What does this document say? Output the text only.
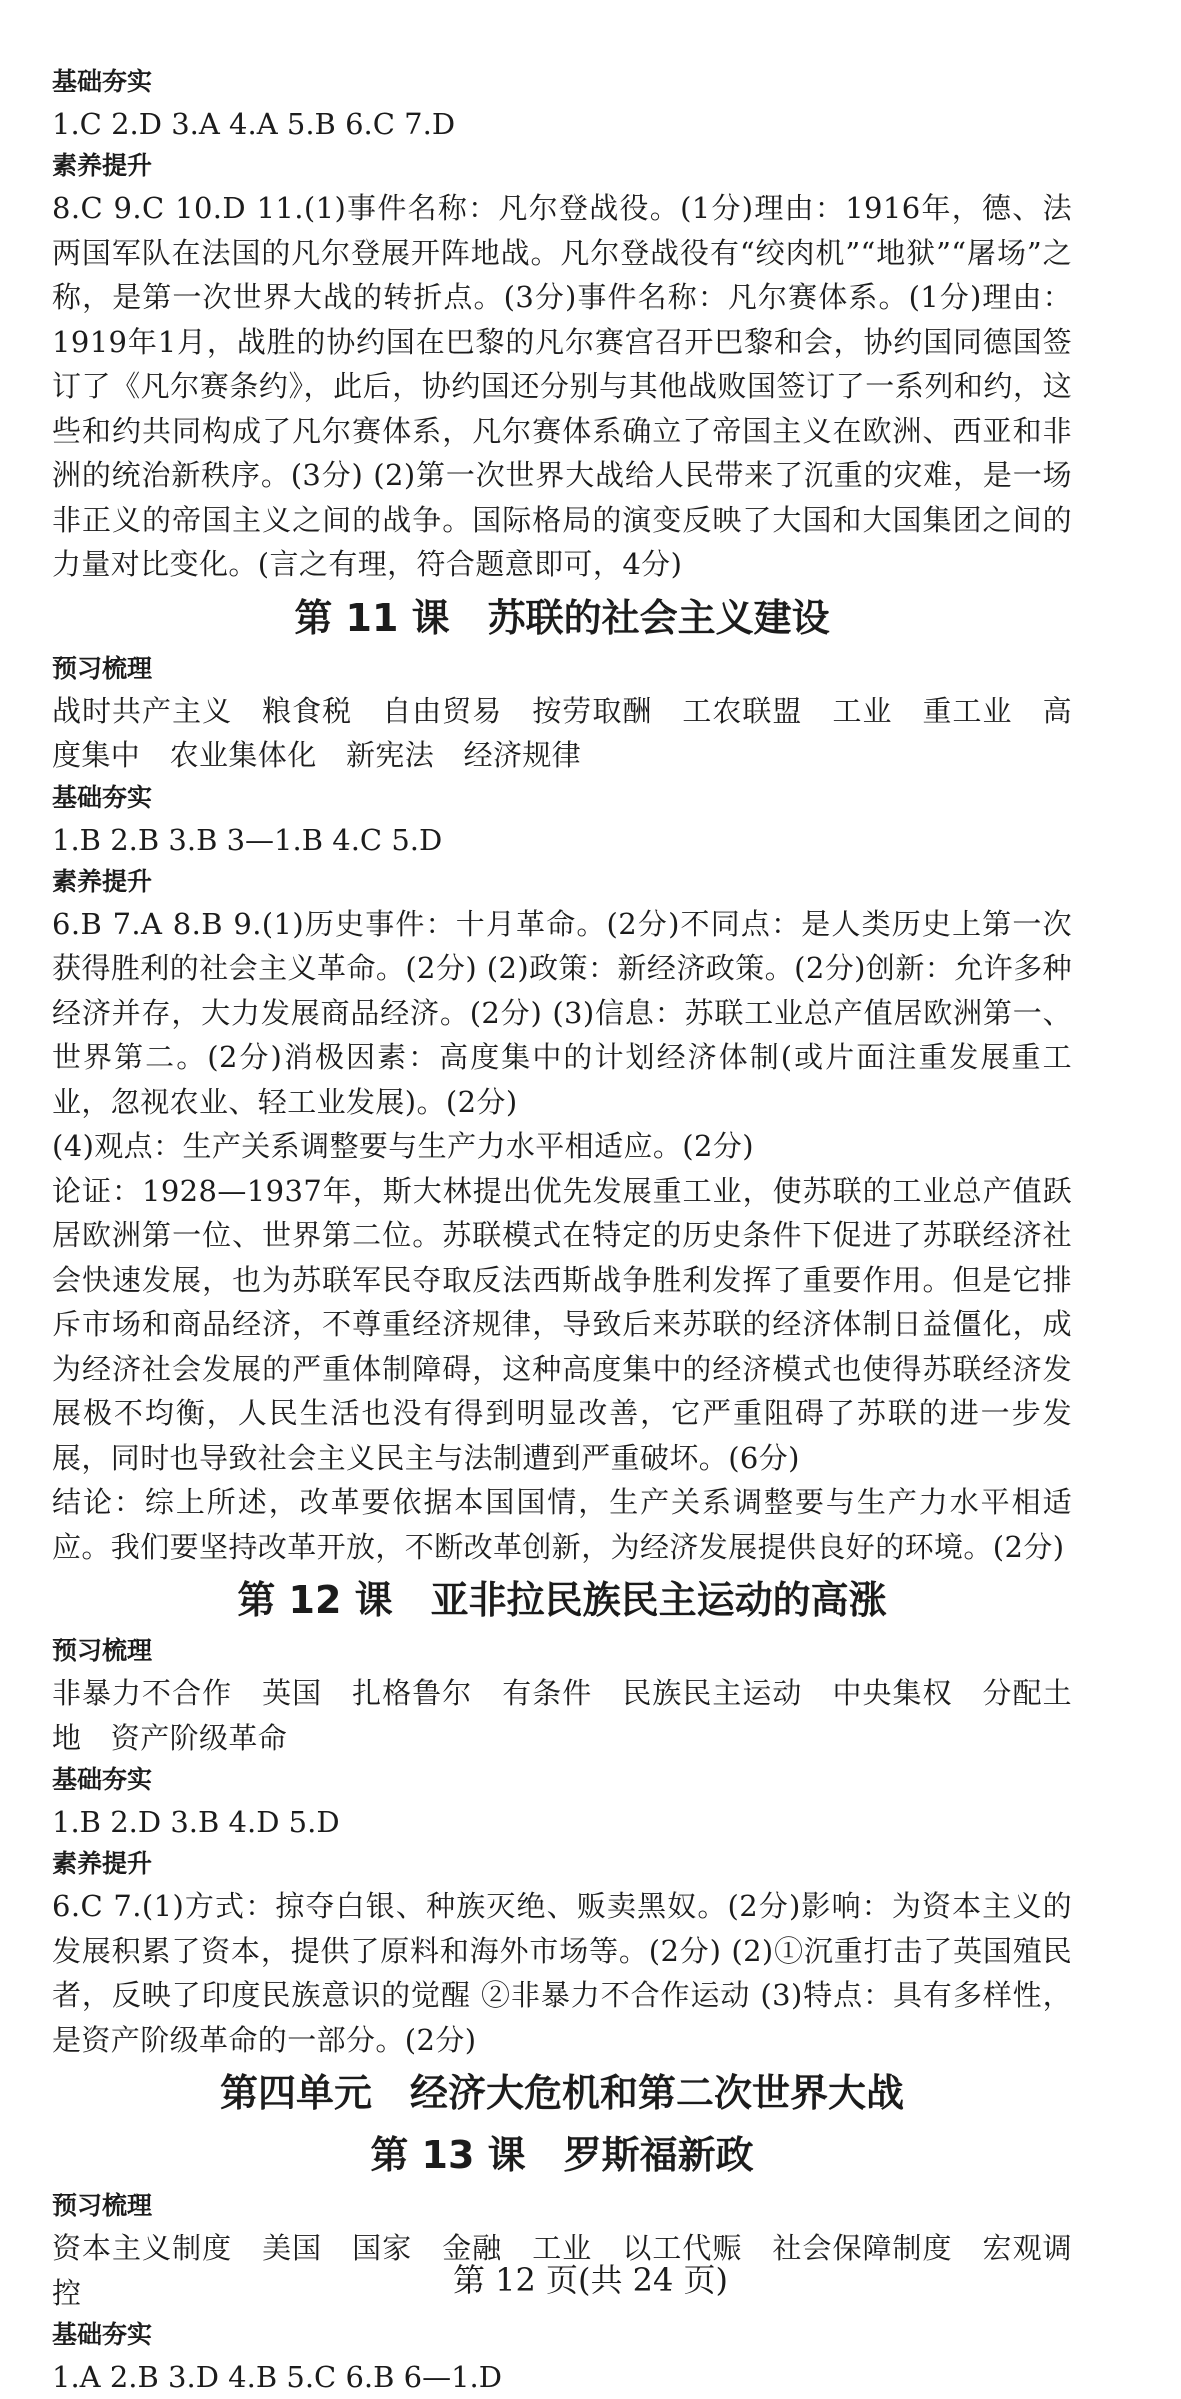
基础夯实

1.C 2.D 3.A 4.A 5.B 6.C 7.D

素养提升

8.C 9.C 10.D 11.(1)事件名称：凡尔登战役。(1分)理由：1916年，德、法两国军队在法国的凡尔登展开阵地战。凡尔登战役有“绞肉机”“地狱”“屠场”之称，是第一次世界大战的转折点。(3分)事件名称：凡尔赛体系。(1分)理由：1919年1月，战胜的协约国在巴黎的凡尔赛宫召开巴黎和会，协约国同德国签订了《凡尔赛条约》，此后，协约国还分别与其他战败国签订了一系列和约，这些和约共同构成了凡尔赛体系，凡尔赛体系确立了帝国主义在欧洲、西亚和非洲的统治新秩序。(3分) (2)第一次世界大战给人民带来了沉重的灾难，是一场非正义的帝国主义之间的战争。国际格局的演变反映了大国和大国集团之间的力量对比变化。(言之有理，符合题意即可，4分)

第 11 课　苏联的社会主义建设

预习梳理

战时共产主义　粮食税　自由贸易　按劳取酬　工农联盟　工业　重工业　高度集中　农业集体化　新宪法　经济规律

基础夯实

1.B 2.B 3.B 3—1.B 4.C 5.D

素养提升

6.B 7.A 8.B 9.(1)历史事件：十月革命。(2分)不同点：是人类历史上第一次获得胜利的社会主义革命。(2分) (2)政策：新经济政策。(2分)创新：允许多种经济并存，大力发展商品经济。(2分) (3)信息：苏联工业总产值居欧洲第一、世界第二。(2分)消极因素：高度集中的计划经济体制(或片面注重发展重工业，忽视农业、轻工业发展)。(2分)

(4)观点：生产关系调整要与生产力水平相适应。(2分)

论证：1928—1937年，斯大林提出优先发展重工业，使苏联的工业总产值跃居欧洲第一位、世界第二位。苏联模式在特定的历史条件下促进了苏联经济社会快速发展，也为苏联军民夺取反法西斯战争胜利发挥了重要作用。但是它排斥市场和商品经济，不尊重经济规律，导致后来苏联的经济体制日益僵化，成为经济社会发展的严重体制障碍，这种高度集中的经济模式也使得苏联经济发展极不均衡，人民生活也没有得到明显改善，它严重阻碍了苏联的进一步发展，同时也导致社会主义民主与法制遭到严重破坏。(6分)

结论：综上所述，改革要依据本国国情，生产关系调整要与生产力水平相适应。我们要坚持改革开放，不断改革创新，为经济发展提供良好的环境。(2分)

第 12 课　亚非拉民族民主运动的高涨

预习梳理

非暴力不合作　英国　扎格鲁尔　有条件　民族民主运动　中央集权　分配土地　资产阶级革命

基础夯实

1.B 2.D 3.B 4.D 5.D

素养提升

6.C 7.(1)方式：掠夺白银、种族灭绝、贩卖黑奴。(2分)影响：为资本主义的发展积累了资本，提供了原料和海外市场等。(2分) (2)①沉重打击了英国殖民者，反映了印度民族意识的觉醒 ②非暴力不合作运动 (3)特点：具有多样性，是资产阶级革命的一部分。(2分)

第四单元　经济大危机和第二次世界大战

第 13 课　罗斯福新政

预习梳理

资本主义制度　美国　国家　金融　工业　以工代赈　社会保障制度　宏观调控

基础夯实

1.A 2.B 3.D 4.B 5.C 6.B 6—1.D

第 12 页(共 24 页)
